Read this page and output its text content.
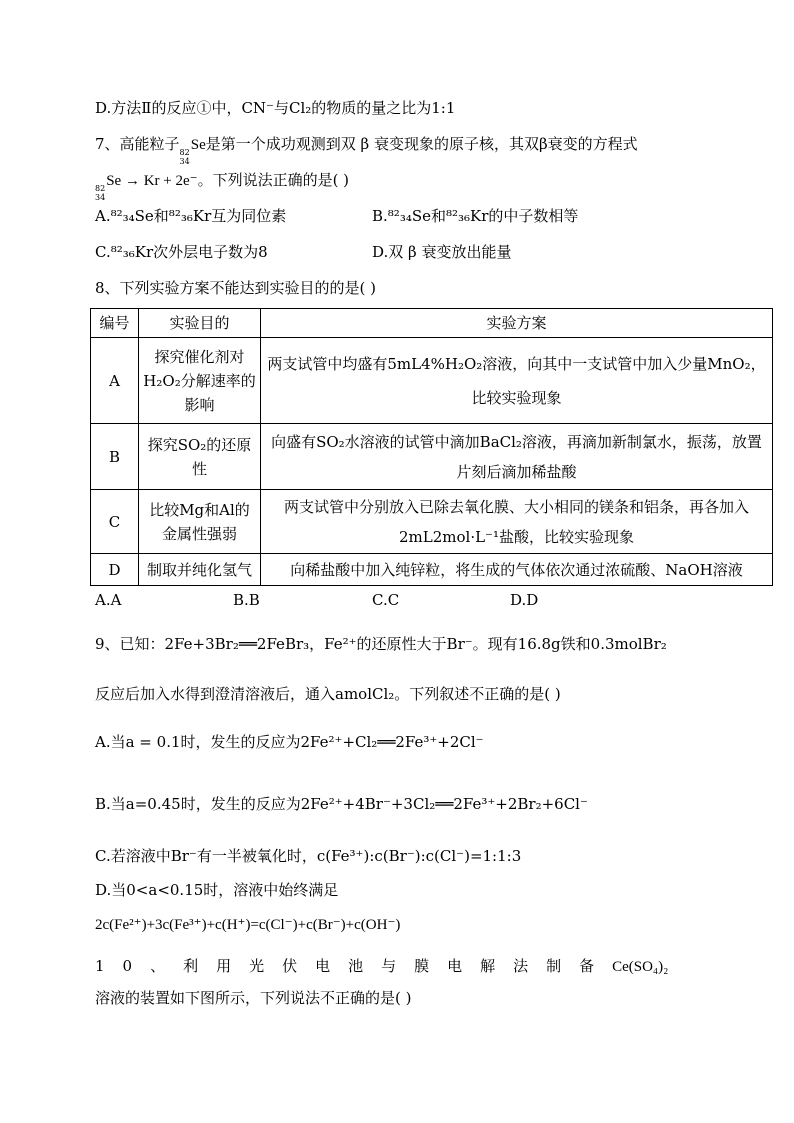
D.方法Ⅱ的反应①中，CN⁻与Cl₂的物质的量之比为1:1
7、高能粒子 82
34
Se是第一个成功观测到双 β 衰变现象的原子核，其双β衰变的方程式
82
34
Se → Kr + 2e⁻。下列说法正确的是( )
A.⁸²₃₄Se和⁸²₃₆Kr互为同位素	B.⁸²₃₄Se和⁸²₃₆Kr的中子数相等
C.⁸²₃₆Kr次外层电子数为8	D.双 β 衰变放出能量
8、下列实验方案不能达到实验目的的是( )
编号	实验目的	实验方案
A	探究催化剂对H₂O₂分解速率的影响	两支试管中均盛有5mL4%H₂O₂溶液，向其中一支试管中加入少量MnO₂，比较实验现象
B	探究SO₂的还原性	向盛有SO₂水溶液的试管中滴加BaCl₂溶液，再滴加新制氯水，振荡，放置片刻后滴加稀盐酸
C	比较Mg和Al的金属性强弱	两支试管中分别放入已除去氧化膜、大小相同的镁条和铝条，再各加入2mL2mol·L⁻¹盐酸，比较实验现象
D	制取并纯化氢气	向稀盐酸中加入纯锌粒，将生成的气体依次通过浓硫酸、NaOH溶液
A.A	B.B	C.C	D.D
9、已知：2Fe+3Br₂══2FeBr₃，Fe²⁺的还原性大于Br⁻。现有16.8g铁和0.3molBr₂
反应后加入水得到澄清溶液后，通入amolCl₂。下列叙述不正确的是( )
A.当a = 0.1时，发生的反应为2Fe²⁺+Cl₂══2Fe³⁺+2Cl⁻
B.当a=0.45时，发生的反应为2Fe²⁺+4Br⁻+3Cl₂══2Fe³⁺+2Br₂+6Cl⁻
C.若溶液中Br⁻有一半被氧化时，c(Fe³⁺):c(Br⁻):c(Cl⁻)=1:1:3
D.当0<a<0.15时，溶液中始终满足
2c(Fe²⁺)+3c(Fe³⁺)+c(H⁺)=c(Cl⁻)+c(Br⁻)+c(OH⁻)
10、利用光伏电池与膜电解法制备Ce(SO₄)₂
溶液的装置如下图所示，下列说法不正确的是( )
